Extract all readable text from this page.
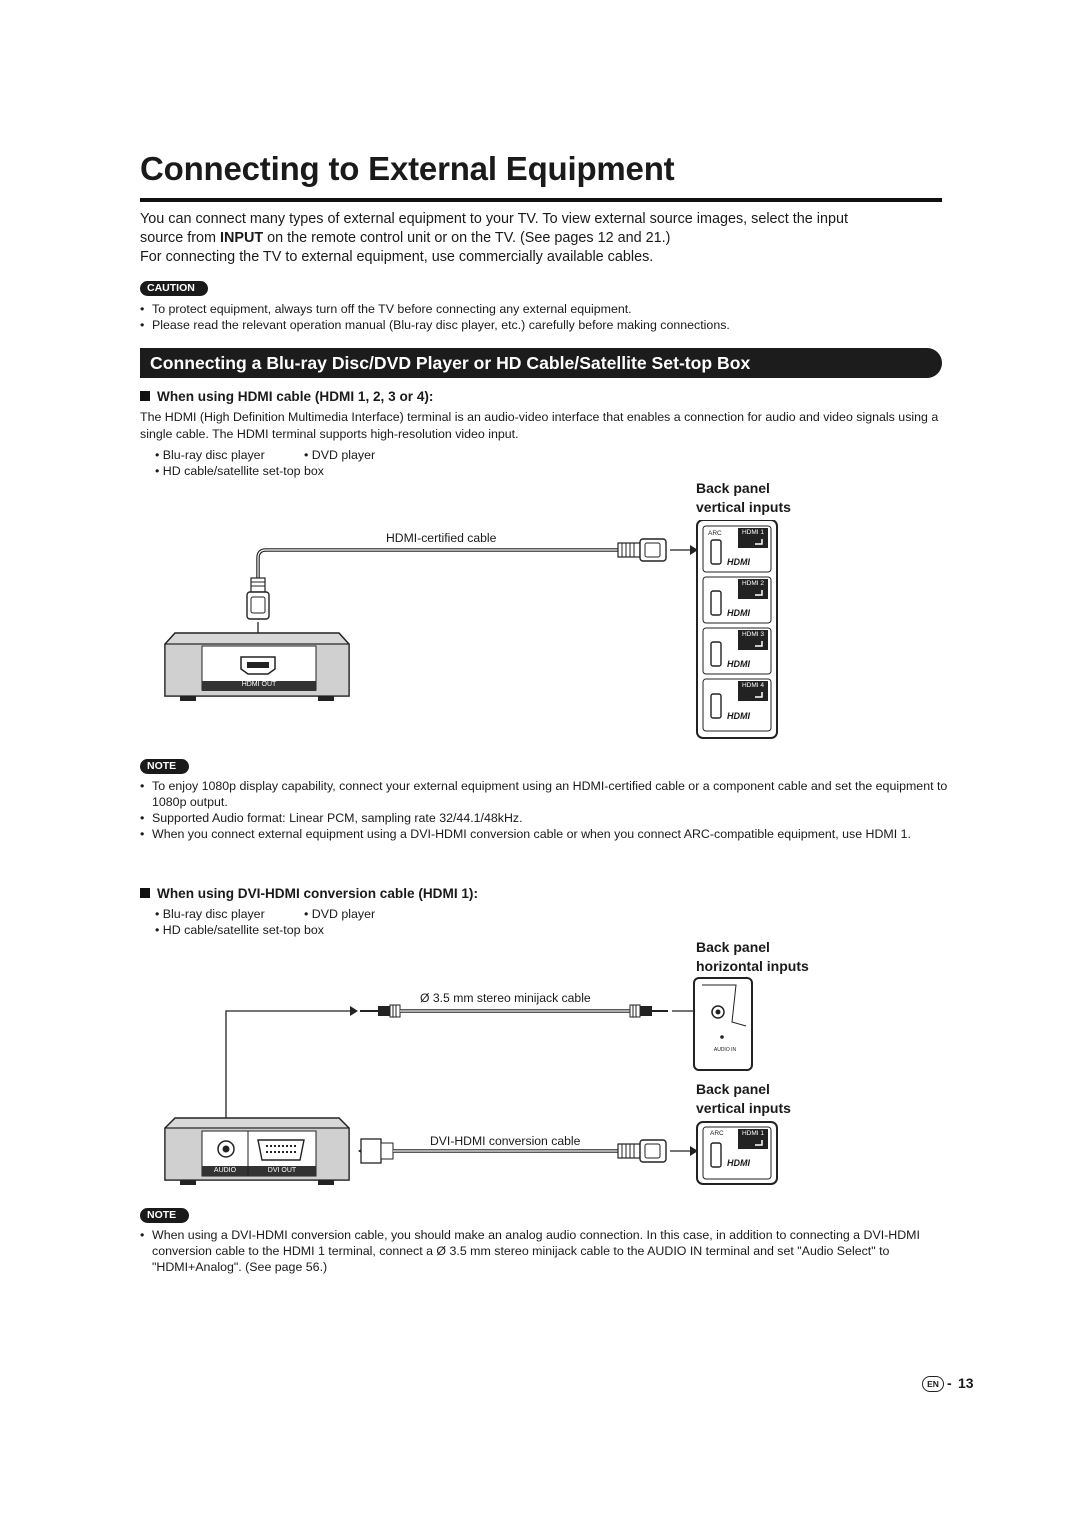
Connecting to External Equipment

You can connect many types of external equipment to your TV. To view external source images, select the input

source from INPUT on the remote control unit or on the TV. (See pages 12 and 21.)

For connecting the TV to external equipment, use commercially available cables.

CAUTION
• To protect equipment, always turn off the TV before connecting any external equipment.
• Please read the relevant operation manual (Blu-ray disc player, etc.) carefully before making connections.
Connecting a Blu-ray Disc/DVD Player or HD Cable/Satellite Set-top Box
When using HDMI cable (HDMI 1, 2, 3 or 4):
The HDMI (High Definition Multimedia Interface) terminal is an audio-video interface that enables a connection for audio and video signals using a single cable. The HDMI terminal supports high-resolution video input.
• Blu-ray disc player	• DVD player
• HD cable/satellite set-top box
Back panel
vertical inputs
HDMI-certified cable
HDMI OUT
ARC	HDMI 1
HDMI 2
HDMI 3
HDMI 4
HDMI
HDMI
HDMI
HDMI
NOTE
• To enjoy 1080p display capability, connect your external equipment using an HDMI-certified cable or a component cable and set the equipment to 1080p output.
• Supported Audio format: Linear PCM, sampling rate 32/44.1/48kHz.
• When you connect external equipment using a DVI-HDMI conversion cable or when you connect ARC-compatible equipment, use HDMI 1.
When using DVI-HDMI conversion cable (HDMI 1):
• Blu-ray disc player	• DVD player
• HD cable/satellite set-top box
Back panel
horizontal inputs
Back panel
vertical inputs
Ø 3.5 mm stereo minijack cable
DVI-HDMI conversion cable
AUDIO	DVI OUT
AUDIO IN
ARC	HDMI 1
HDMI
NOTE
• When using a DVI-HDMI conversion cable, you should make an analog audio connection. In this case, in addition to connecting a DVI-HDMI conversion cable to the HDMI 1 terminal, connect a Ø 3.5 mm stereo minijack cable to the AUDIO IN terminal and set "Audio Select" to "HDMI+Analog". (See page 56.)
EN - 13
